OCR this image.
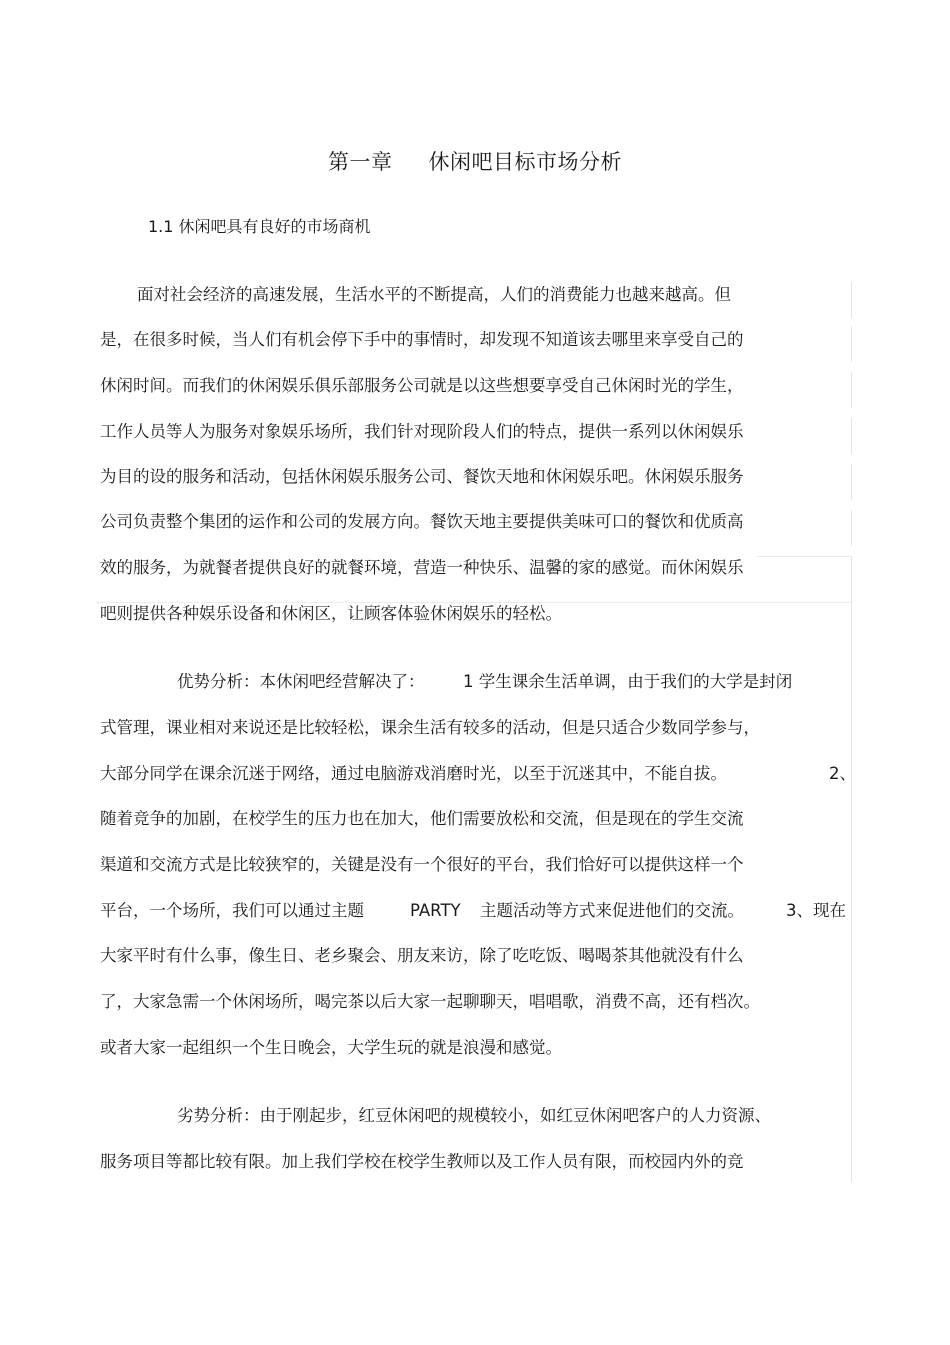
第一章 休闲吧目标市场分析
1.1 休闲吧具有良好的市场商机
面对社会经济的高速发展，生活水平的不断提高，人们的消费能力也越来越高。但
是，在很多时候，当人们有机会停下手中的事情时，却发现不知道该去哪里来享受自己的
休闲时间。而我们的休闲娱乐俱乐部服务公司就是以这些想要享受自己休闲时光的学生，
工作人员等人为服务对象娱乐场所，我们针对现阶段人们的特点，提供一系列以休闲娱乐
为目的设的服务和活动，包括休闲娱乐服务公司、餐饮天地和休闲娱乐吧。休闲娱乐服务
公司负责整个集团的运作和公司的发展方向。餐饮天地主要提供美味可口的餐饮和优质高
效的服务，为就餐者提供良好的就餐环境，营造一种快乐、温馨的家的感觉。而休闲娱乐
吧则提供各种娱乐设备和休闲区，让顾客体验休闲娱乐的轻松。
优势分析：本休闲吧经营解决了： 1 学生课余生活单调，由于我们的大学是封闭
式管理，课业相对来说还是比较轻松，课余生活有较多的活动，但是只适合少数同学参与，
大部分同学在课余沉迷于网络，通过电脑游戏消磨时光，以至于沉迷其中，不能自拔。	2、
随着竞争的加剧，在校学生的压力也在加大，他们需要放松和交流，但是现在的学生交流
渠道和交流方式是比较狭窄的，关键是没有一个很好的平台，我们恰好可以提供这样一个
平台，一个场所，我们可以通过主题	PARTY 主题活动等方式来促进他们的交流。	3、现在
大家平时有什么事，像生日、老乡聚会、朋友来访，除了吃吃饭、喝喝茶其他就没有什么
了，大家急需一个休闲场所，喝完茶以后大家一起聊聊天，唱唱歌，消费不高，还有档次。
或者大家一起组织一个生日晚会，大学生玩的就是浪漫和感觉。
劣势分析：由于刚起步，红豆休闲吧的规模较小，如红豆休闲吧客户的人力资源、
服务项目等都比较有限。加上我们学校在校学生教师以及工作人员有限，而校园内外的竞
